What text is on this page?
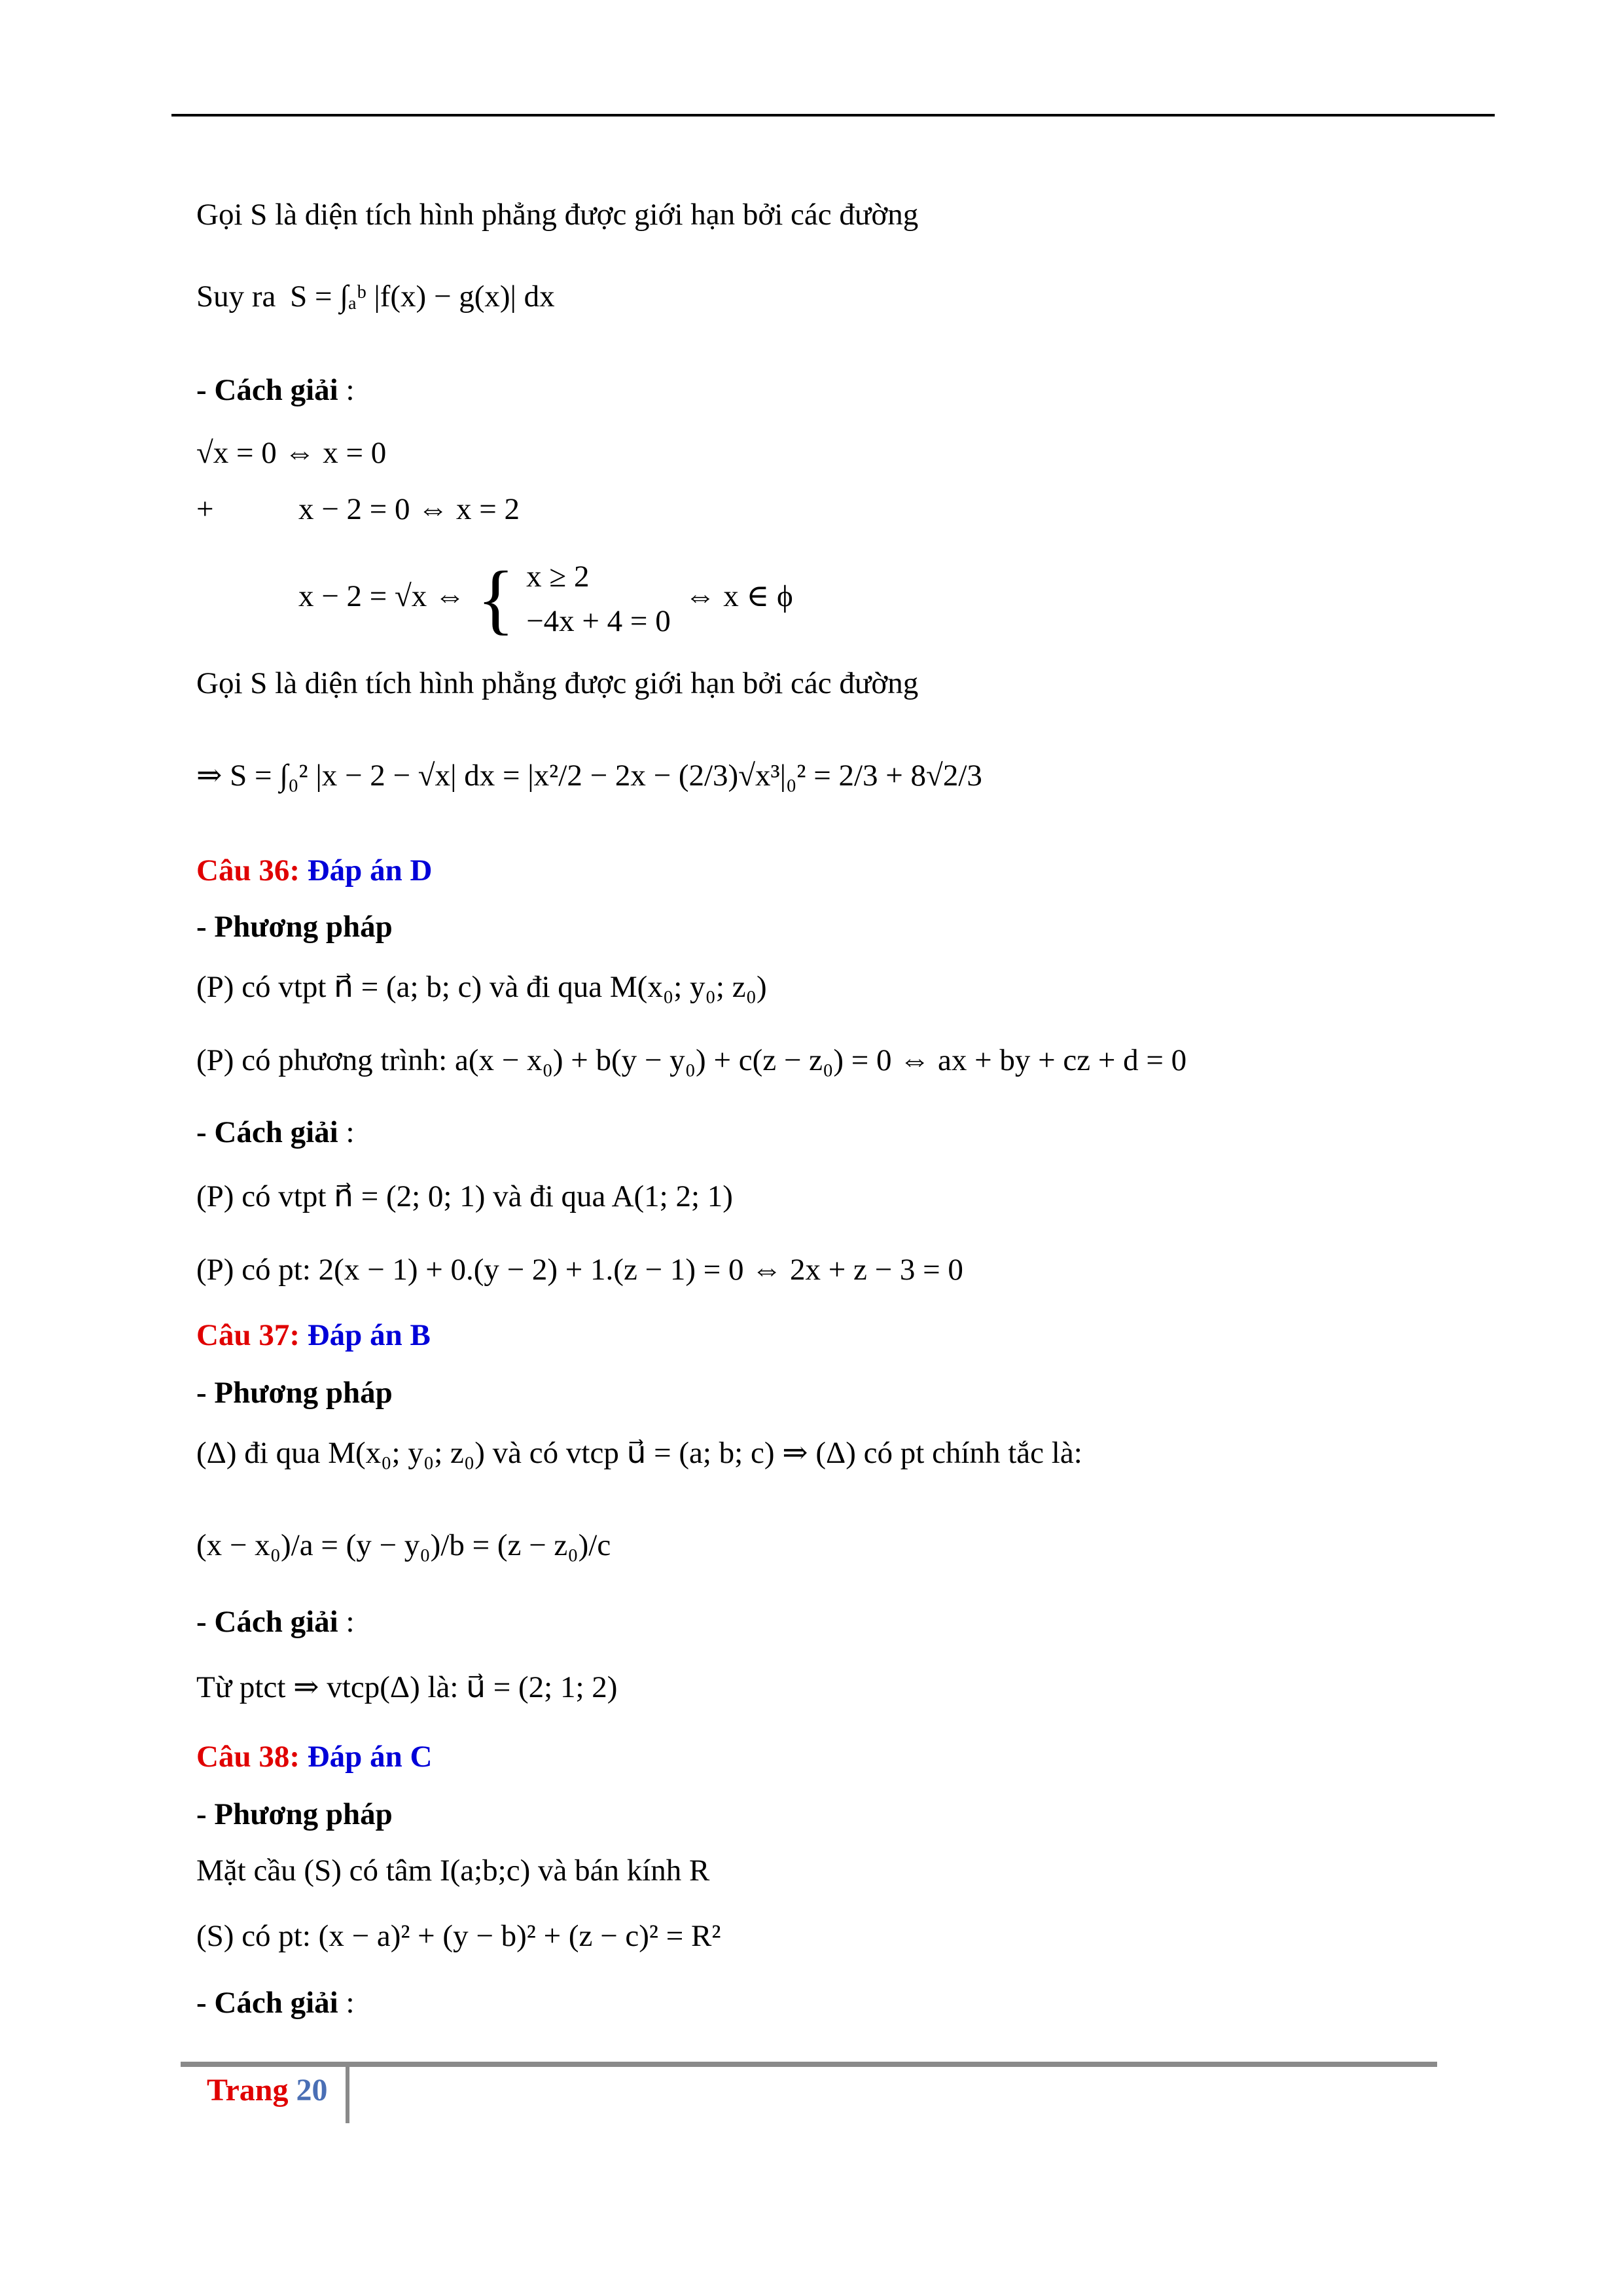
Gọi S là diện tích hình phẳng được giới hạn bởi các đường
Suy ra S = ∫ₐᵇ |f(x) − g(x)| dx
- Cách giải :
√x = 0 ⇔ x = 0
+	x − 2 = 0 ⇔ x = 2
x − 2 = √x ⇔ { x ≥ 2
−4x + 4 = 0
⇔ x ∈ ϕ
Gọi S là diện tích hình phẳng được giới hạn bởi các đường
⇒ S = ∫₀² |x − 2 − √x| dx = |x²/2 − 2x − (2/3)√x³|₀² = 2/3 + 8√2/3
Câu 36: Đáp án D
- Phương pháp
(P) có vtpt n⃗ = (a; b; c) và đi qua M(x₀; y₀; z₀)
(P) có phương trình: a(x − x₀) + b(y − y₀) + c(z − z₀) = 0 ⇔ ax + by + cz + d = 0
- Cách giải :
(P) có vtpt n⃗ = (2; 0; 1) và đi qua A(1; 2; 1)
(P) có pt: 2(x − 1) + 0.(y − 2) + 1.(z − 1) = 0 ⇔ 2x + z − 3 = 0
Câu 37: Đáp án B
- Phương pháp
(Δ) đi qua M(x₀; y₀; z₀) và có vtcp u⃗ = (a; b; c) ⇒ (Δ) có pt chính tắc là:
(x − x₀)/a = (y − y₀)/b = (z − z₀)/c
- Cách giải :
Từ ptct ⇒ vtcp(Δ) là: u⃗ = (2; 1; 2)
Câu 38: Đáp án C
- Phương pháp
Mặt cầu (S) có tâm I(a;b;c) và bán kính R
(S) có pt: (x − a)² + (y − b)² + (z − c)² = R²
- Cách giải :
Trang 20
